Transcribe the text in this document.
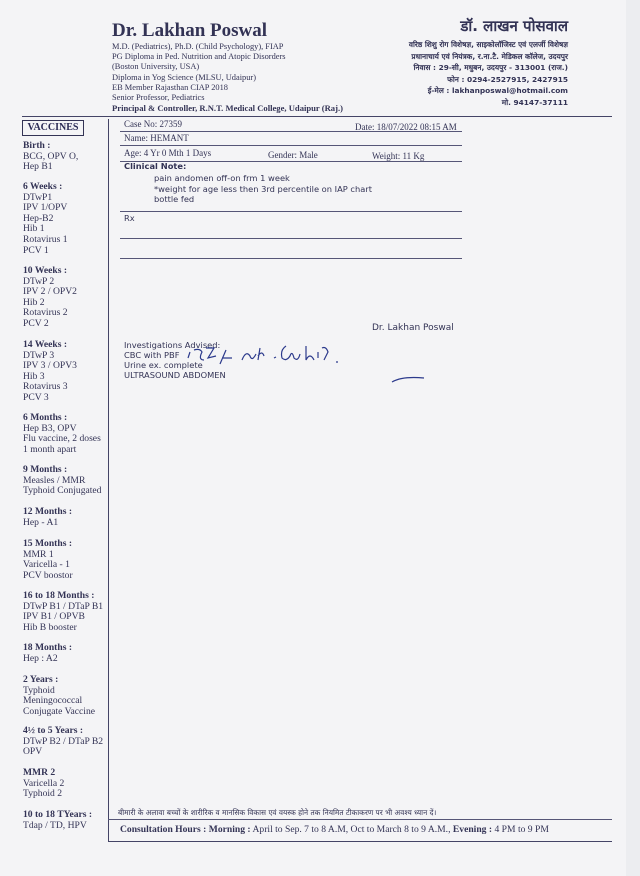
Dr. Lakhan Poswal
M.D. (Pediatrics), Ph.D. (Child Psychology), FIAP
PG Diploma in Ped. Nutrition and Atopic Disorders
(Boston University, USA)
Diploma in Yog Science (MLSU, Udaipur)
EB Member Rajasthan CIAP 2018
Senior Professor, Pediatrics
Principal & Controller, R.N.T. Medical College, Udaipur (Raj.)
डॉ. लाखन पोसवाल
वरिष्ठ शिशु रोग विशेषज्ञ, साइकोलॉजिस्ट एवं एलर्जी विशेषज्ञ
प्रधानाचार्य एवं नियंत्रक, र.ना.टै. मेडिकल कॉलेज, उदयपुर
निवास : 29-सी, मधुबन, उदयपुर - 313001 (राज.)
फोन : 0294-2527915, 2427915
ई-मेल : lakhanposwal@hotmail.com
मो. 94147-37111
VACCINES
Birth :
BCG, OPV O,
Hep B1
6 Weeks :
DTwP1
IPV 1/OPV
Hep-B2
Hib 1
Rotavirus 1
PCV 1
10 Weeks :
DTwP 2
IPV 2 / OPV2
Hib 2
Rotavirus 2
PCV 2
14 Weeks :
DTwP 3
IPV 3 / OPV3
Hib 3
Rotavirus 3
PCV 3
6 Months :
Hep B3, OPV
Flu vaccine, 2 doses
1 month apart
9 Months :
Measles / MMR
Typhoid Conjugated
12 Months :
Hep - A1
15 Months :
MMR 1
Varicella - 1
PCV boostor
16 to 18 Months :
DTwP B1 / DTaP B1
IPV B1 / OPVB
Hib B booster
18 Months :
Hep : A2
2 Years :
Typhoid
Meningococcal
Conjugate Vaccine
4½ to 5 Years :
DTwP B2 / DTaP B2
OPV
MMR 2
Varicella 2
Typhoid 2
10 to 18 TYears :
Tdap / TD, HPV
Case No: 27359	Date: 18/07/2022 08:15 AM
Name: HEMANT
Age: 4 Yr 0 Mth 1 Days	Gender: Male	Weight: 11 Kg
Clinical Note:
pain andomen off-on frm 1 week
*weight for age less then 3rd percentile on IAP chart
bottle fed
Rx
Dr. Lakhan Poswal
Investigations Advised:
CBC with PBF
Urine ex. complete
ULTRASOUND ABDOMEN
बीमारी के अलावा बच्चों के शारीरिक व मानसिक विकास एवं वयस्क होने तक नियमित टीकाकरण पर भी अवश्य ध्यान दें।
Consultation Hours : Morning : April to Sep. 7 to 8 A.M, Oct to March 8 to 9 A.M., Evening : 4 PM to 9 PM
